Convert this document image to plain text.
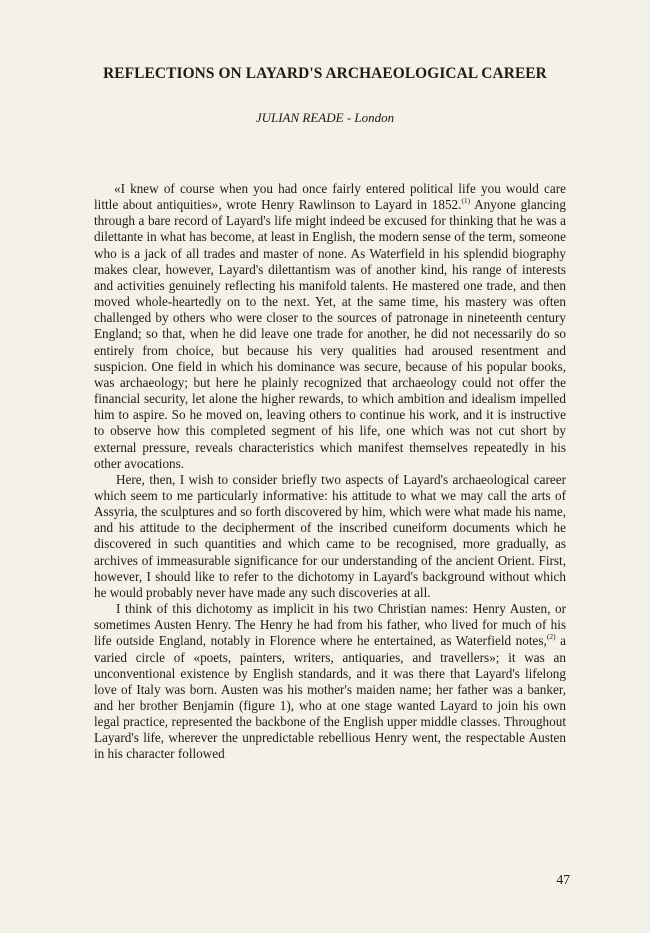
REFLECTIONS ON LAYARD'S ARCHAEOLOGICAL CAREER
JULIAN READE - London

«I knew of course when you had once fairly entered political life you would care little about antiquities», wrote Henry Rawlinson to Layard in 1852.$^{(1)}$ Anyone glancing through a bare record of Layard's life might indeed be excused for thinking that he was a dilettante in what has become, at least in English, the modern sense of the term, someone who is a jack of all trades and master of none. As Waterfield in his splendid biography makes clear, however, Layard's dilettantism was of another kind, his range of interests and activities genuinely reflecting his manifold talents. He mastered one trade, and then moved whole-heartedly on to the next. Yet, at the same time, his mastery was often challenged by others who were closer to the sources of patronage in nineteenth century England; so that, when he did leave one trade for another, he did not necessarily do so entirely from choice, but because his very qualities had aroused resentment and suspicion. One field in which his dominance was secure, because of his popular books, was archaeology; but here he plainly recognized that archaeology could not offer the financial security, let alone the higher rewards, to which ambition and idealism impelled him to aspire. So he moved on, leaving others to continue his work, and it is instructive to observe how this completed segment of his life, one which was not cut short by external pressure, reveals characteristics which manifest themselves repeatedly in his other avocations.

Here, then, I wish to consider briefly two aspects of Layard's archaeological career which seem to me particularly informative: his attitude to what we may call the arts of Assyria, the sculptures and so forth discovered by him, which were what made his name, and his attitude to the decipherment of the inscribed cuneiform documents which he discovered in such quantities and which came to be recognised, more gradually, as archives of immeasurable significance for our understanding of the ancient Orient. First, however, I should like to refer to the dichotomy in Layard's background without which he would probably never have made any such discoveries at all.

I think of this dichotomy as implicit in his two Christian names: Henry Austen, or sometimes Austen Henry. The Henry he had from his father, who lived for much of his life outside England, notably in Florence where he entertained, as Waterfield notes,$^{(2)}$ a varied circle of «poets, painters, writers, antiquaries, and travellers»; it was an unconventional existence by English standards, and it was there that Layard's lifelong love of Italy was born. Austen was his mother's maiden name; her father was a banker, and her brother Benjamin (figure 1), who at one stage wanted Layard to join his own legal practice, represented the backbone of the English upper middle classes. Throughout Layard's life, wherever the unpredictable rebellious Henry went, the respectable Austen in his character followed

47
